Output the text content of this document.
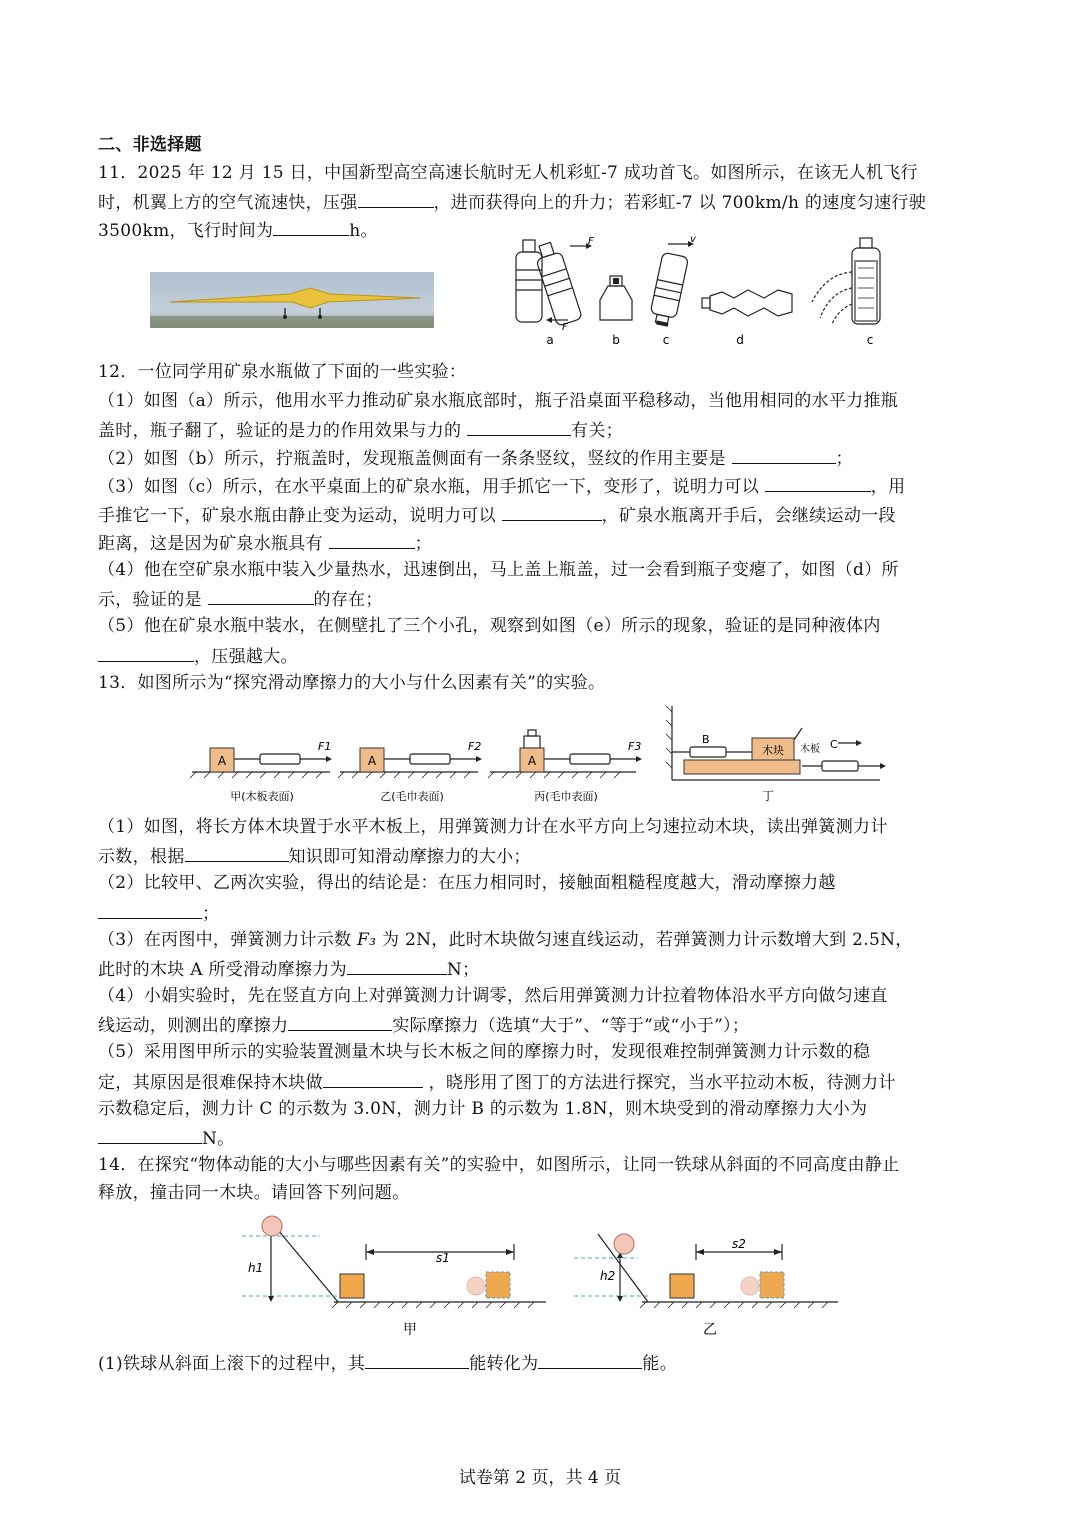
二、非选择题
11．2025 年 12 月 15 日，中国新型高空高速长航时无人机彩虹-7 成功首飞。如图所示，在该无人机飞行
时，机翼上方的空气流速快，压强	，进而获得向上的升力；若彩虹-7 以 700km/h 的速度匀速行驶
3500km，飞行时间为	h。
F
F
v
a	b	c	d	c
12．一位同学用矿泉水瓶做了下面的一些实验：
（1）如图（a）所示，他用水平力推动矿泉水瓶底部时，瓶子沿桌面平稳移动，当他用相同的水平力推瓶
盖时，瓶子翻了，验证的是力的作用效果与力的	有关；
（2）如图（b）所示，拧瓶盖时，发现瓶盖侧面有一条条竖纹，竖纹的作用主要是	；
（3）如图（c）所示，在水平桌面上的矿泉水瓶，用手抓它一下，变形了，说明力可以	，用
手推它一下，矿泉水瓶由静止变为运动，说明力可以	，矿泉水瓶离开手后，会继续运动一段
距离，这是因为矿泉水瓶具有	；
（4）他在空矿泉水瓶中装入少量热水，迅速倒出，马上盖上瓶盖，过一会看到瓶子变瘪了，如图（d）所
示，验证的是	的存在；
（5）他在矿泉水瓶中装水，在侧壁扎了三个小孔，观察到如图（e）所示的现象，验证的是同种液体内
，压强越大。
13．如图所示为“探究滑动摩擦力的大小与什么因素有关”的实验。
A	A	A
F1	F2	F3
B	C
木块 木板
甲(木板表面)	乙(毛巾表面)	丙(毛巾表面)	丁
（1）如图，将长方体木块置于水平木板上，用弹簧测力计在水平方向上匀速拉动木块，读出弹簧测力计
示数，根据	知识即可知滑动摩擦力的大小；
（2）比较甲、乙两次实验，得出的结论是：在压力相同时，接触面粗糙程度越大，滑动摩擦力越
；
（3）在丙图中，弹簧测力计示数 F₃ 为 2N，此时木块做匀速直线运动，若弹簧测力计示数增大到 2.5N，
此时的木块 A 所受滑动摩擦力为	N；
（4）小娟实验时，先在竖直方向上对弹簧测力计调零，然后用弹簧测力计拉着物体沿水平方向做匀速直
线运动，则测出的摩擦力	实际摩擦力（选填“大于”、“等于”或“小于”）；
（5）采用图甲所示的实验装置测量木块与长木板之间的摩擦力时，发现很难控制弹簧测力计示数的稳
定，其原因是很难保持木块做	，晓彤用了图丁的方法进行探究，当水平拉动木板，待测力计
示数稳定后，测力计 C 的示数为 3.0N，测力计 B 的示数为 1.8N，则木块受到的滑动摩擦力大小为
N。
14．在探究“物体动能的大小与哪些因素有关”的实验中，如图所示，让同一铁球从斜面的不同高度由静止
释放，撞击同一木块。请回答下列问题。
h1
h2
s1
s2
甲	乙
(1)铁球从斜面上滚下的过程中，其	能转化为	能。
试卷第 2 页，共 4 页
